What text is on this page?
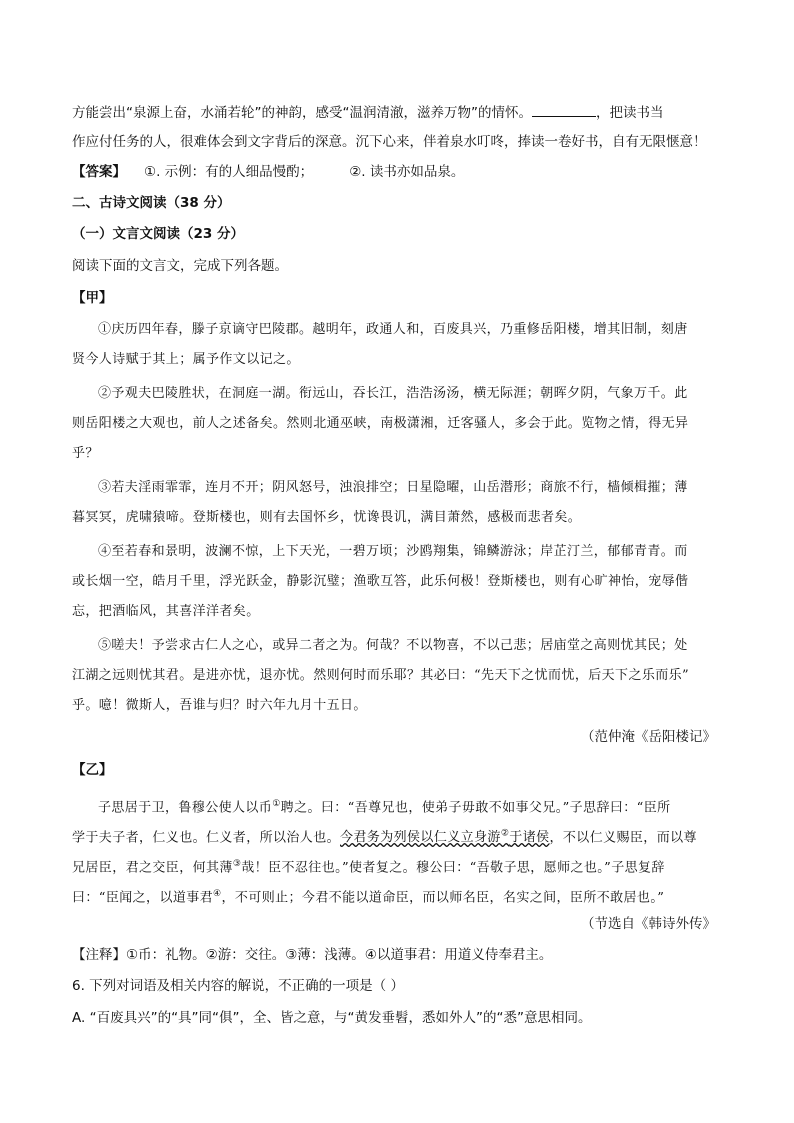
方能尝出“泉源上奋，水涌若轮”的神韵，感受“温润清澈，滋养万物”的情怀。	，把读书当
作应付任务的人，很难体会到文字背后的深意。沉下心来，伴着泉水叮咚，捧读一卷好书，自有无限惬意！
【答案】 ①. 示例：有的人细品慢酌；	②. 读书亦如品泉。
二、古诗文阅读（38 分）
（一）文言文阅读（23 分）
阅读下面的文言文，完成下列各题。
【甲】
①庆历四年春，滕子京谪守巴陵郡。越明年，政通人和，百废具兴，乃重修岳阳楼，增其旧制，刻唐
贤今人诗赋于其上；属予作文以记之。
②予观夫巴陵胜状，在洞庭一湖。衔远山，吞长江，浩浩汤汤，横无际涯；朝晖夕阴，气象万千。此
则岳阳楼之大观也，前人之述备矣。然则北通巫峡，南极潇湘，迁客骚人，多会于此。览物之情，得无异
乎？
③若夫淫雨霏霏，连月不开；阴风怒号，浊浪排空；日星隐曜，山岳潜形；商旅不行，樯倾楫摧；薄
暮冥冥，虎啸猿啼。登斯楼也，则有去国怀乡，忧谗畏讥，满目萧然，感极而悲者矣。
④至若春和景明，波澜不惊，上下天光，一碧万顷；沙鸥翔集，锦鳞游泳；岸芷汀兰，郁郁青青。而
或长烟一空，皓月千里，浮光跃金，静影沉璧；渔歌互答，此乐何极！登斯楼也，则有心旷神怡，宠辱偕
忘，把酒临风，其喜洋洋者矣。
⑤嗟夫！予尝求古仁人之心，或异二者之为。何哉？不以物喜，不以己悲；居庙堂之高则忧其民；处
江湖之远则忧其君。是进亦忧，退亦忧。然则何时而乐耶？其必曰：“先天下之忧而忧，后天下之乐而乐”
乎。噫！微斯人，吾谁与归？时六年九月十五日。
（范仲淹《岳阳楼记》
【乙】
子思居于卫，鲁穆公使人以币①聘之。曰：“吾尊兄也，使弟子毋敢不如事父兄。”子思辞曰：“臣所
学于夫子者，仁义也。仁义者，所以治人也。今君务为列侯以仁义立身游②于诸侯，不以仁义赐臣，而以尊
兄居臣，君之交臣，何其薄③哉！臣不忍往也。”使者复之。穆公曰：“吾敬子思，愿师之也。”子思复辞
曰：“臣闻之，以道事君④，不可则止；今君不能以道命臣，而以师名臣，名实之间，臣所不敢居也。”
（节选自《韩诗外传》
【注释】①币：礼物。②游：交往。③薄：浅薄。④以道事君：用道义侍奉君主。
6. 下列对词语及相关内容的解说，不正确的一项是（ ）
A. “百废具兴”的“具”同“俱”，全、皆之意，与“黄发垂髫，悉如外人”的“悉”意思相同。
